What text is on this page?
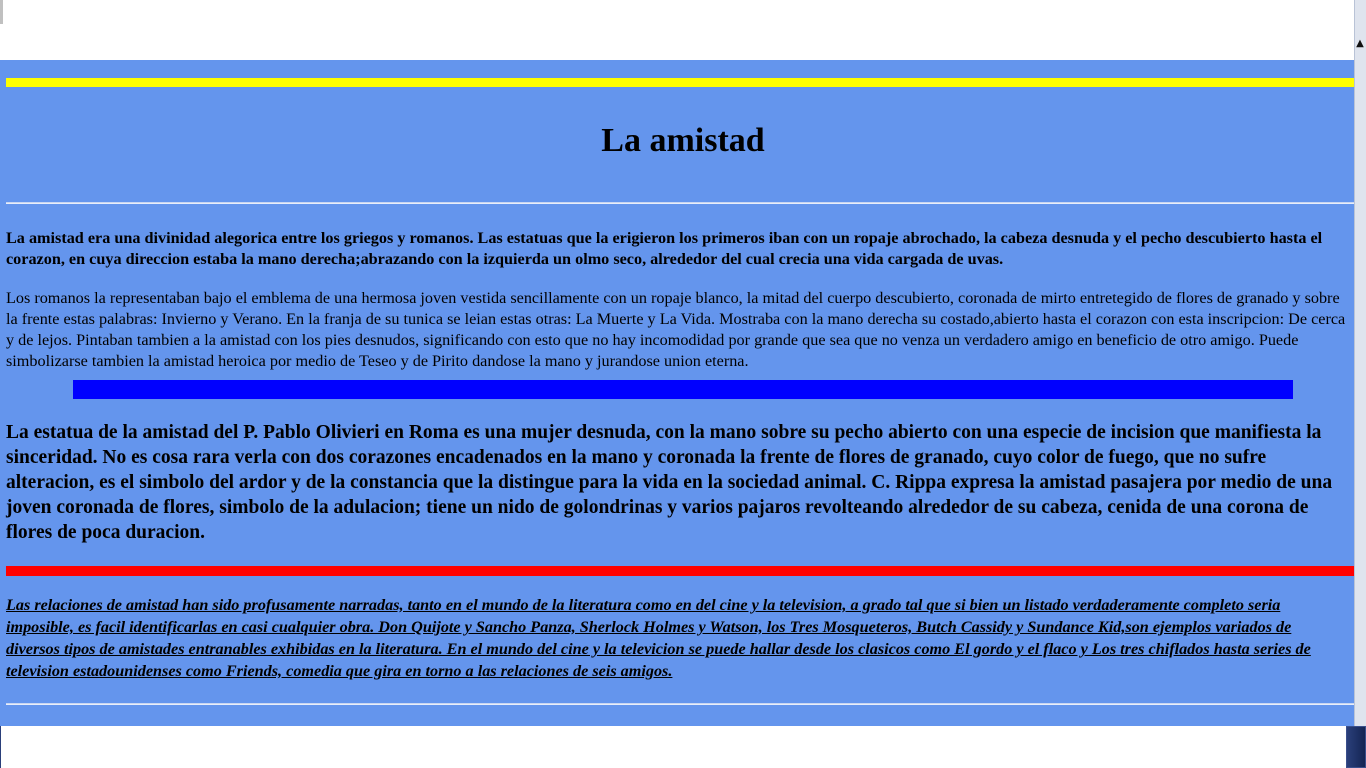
La amistad

La amistad era una divinidad alegorica entre los griegos y romanos. Las estatuas que la erigieron los primeros iban con un ropaje abrochado, la cabeza desnuda y el pecho descubierto hasta el corazon, en cuya direccion estaba la mano derecha;abrazando con la izquierda un olmo seco, alrededor del cual crecia una vida cargada de uvas.

Los romanos la representaban bajo el emblema de una hermosa joven vestida sencillamente con un ropaje blanco, la mitad del cuerpo descubierto, coronada de mirto entretegido de flores de granado y sobre la frente estas palabras: Invierno y Verano. En la franja de su tunica se leian estas otras: La Muerte y La Vida. Mostraba con la mano derecha su costado,abierto hasta el corazon con esta inscripcion: De cerca y de lejos. Pintaban tambien a la amistad con los pies desnudos, significando con esto que no hay incomodidad por grande que sea que no venza un verdadero amigo en beneficio de otro amigo. Puede simbolizarse tambien la amistad heroica por medio de Teseo y de Pirito dandose la mano y jurandose union eterna.

La estatua de la amistad del P. Pablo Olivieri en Roma es una mujer desnuda, con la mano sobre su pecho abierto con una especie de incision que manifiesta la sinceridad. No es cosa rara verla con dos corazones encadenados en la mano y coronada la frente de flores de granado, cuyo color de fuego, que no sufre alteracion, es el simbolo del ardor y de la constancia que la distingue para la vida en la sociedad animal. C. Rippa expresa la amistad pasajera por medio de una joven coronada de flores, simbolo de la adulacion; tiene un nido de golondrinas y varios pajaros revolteando alrededor de su cabeza, cenida de una corona de flores de poca duracion.

Las relaciones de amistad han sido profusamente narradas, tanto en el mundo de la literatura como en del cine y la television, a grado tal que si bien un listado verdaderamente completo seria imposible, es facil identificarlas en casi cualquier obra. Don Quijote y Sancho Panza, Sherlock Holmes y Watson, los Tres Mosqueteros, Butch Cassidy y Sundance Kid,son ejemplos variados de diversos tipos de amistades entranables exhibidas en la literatura. En el mundo del cine y la televicion se puede hallar desde los clasicos como El gordo y el flaco y Los tres chiflados hasta series de television estadounidenses como Friends, comedia que gira en torno a las relaciones de seis amigos.

▲
